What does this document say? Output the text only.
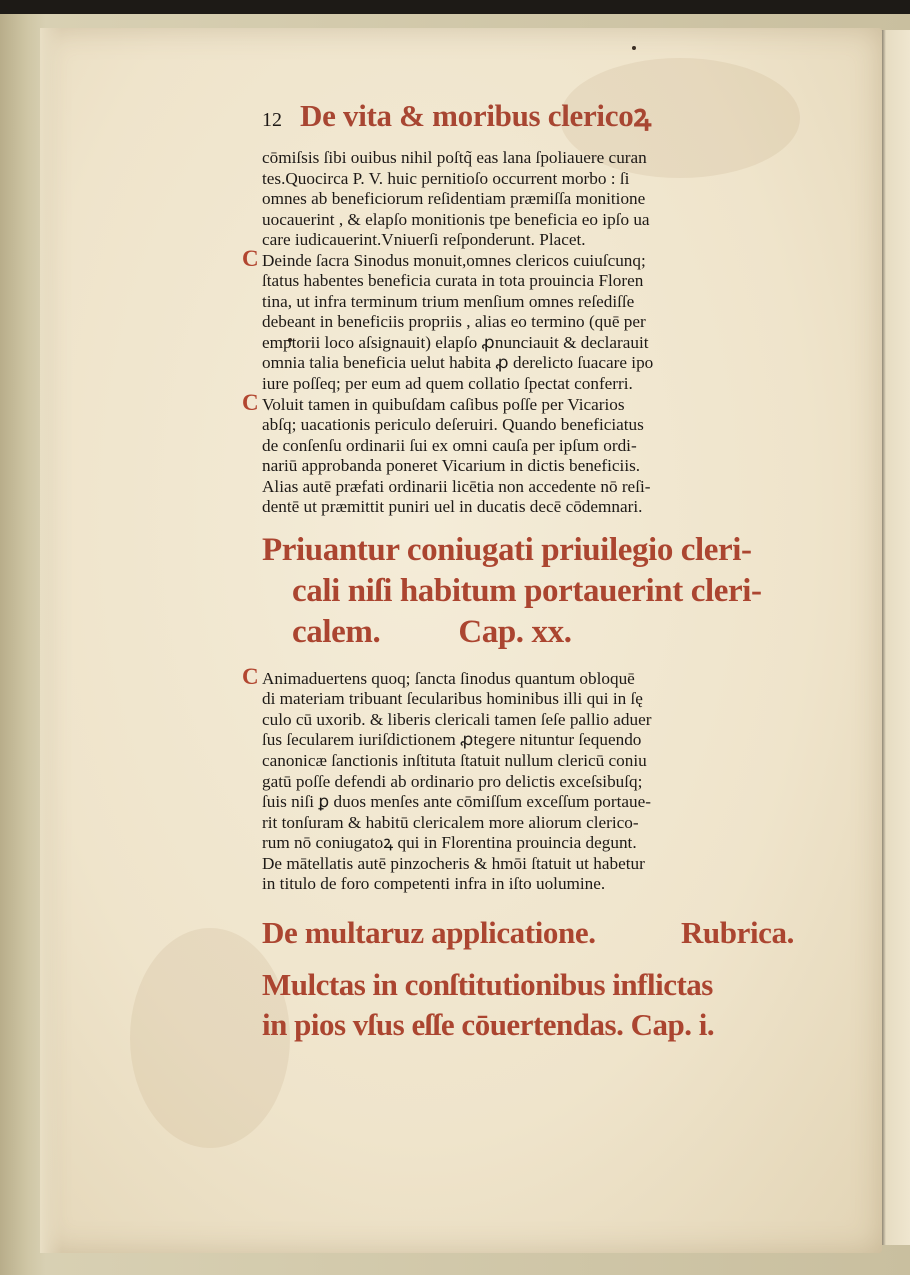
12 De vita & moribus clericoꝝ
cōmiſsis ſibi ouibus nihil poſtq̃ eas lana ſpoliauere curan
tes.Quocirca P. V. huic pernitioſo occurrent morbo : ſi
omnes ab beneficiorum reſidentiam præmiſſa monitione
uocauerint , & elapſo monitionis tpe beneficia eo ipſo ua
care iudicauerint.Vniuerſi reſponderunt. Placet.
C Deinde ſacra Sinodus monuit,omnes clericos cuiuſcunq;
ſtatus habentes beneficia curata in tota prouincia Floren
tina, ut infra terminum trium menſium omnes reſediſſe
debeant in beneficiis propriis , alias eo termino (quē per
emptorii loco aſsignauit) elapſo ꝓnunciauit & declarauit
omnia talia beneficia uelut habita ꝓ derelicto ſuacare ipo
iure poſſeq; per eum ad quem collatio ſpectat conferri.
C Voluit tamen in quibuſdam caſibus poſſe per Vicarios
abſq; uacationis periculo deſeruiri. Quando beneficiatus
de conſenſu ordinarii ſui ex omni cauſa per ipſum ordi-
nariū approbanda poneret Vicarium in dictis beneficiis.
Alias autē præfati ordinarii licētia non accedente nō reſi-
dentē ut præmittit puniri uel in ducatis decē cōdemnari.
Priuantur coniugati priuilegio cleri-
cali niſi habitum portauerint cleri-
calem. Cap. xx.
C Animaduertens quoq; ſancta ſinodus quantum obloquē
di materiam tribuant ſecularibus hominibus illi qui in ſę
culo cū uxorib. & liberis clericali tamen ſeſe pallio aduer
ſus ſecularem iuriſdictionem ꝓtegere nituntur ſequendo
canonicæ ſanctionis inſtituta ſtatuit nullum clericū coniu
gatū poſſe defendi ab ordinario pro delictis exceſsibuſq;
ſuis niſi ꝑ duos menſes ante cōmiſſum exceſſum portaue-
rit tonſuram & habitū clericalem more aliorum clerico-
rum nō coniugatoꝝ qui in Florentina prouincia degunt.
De mātellatis autē pinzocheris & hmōi ſtatuit ut habetur
in titulo de foro competenti infra in iſto uolumine.
De multaruz applicatione.	Rubrica.
Mulctas in conſtitutionibus inflictas
in pios vſus eſſe cōuertendas. Cap. i.
